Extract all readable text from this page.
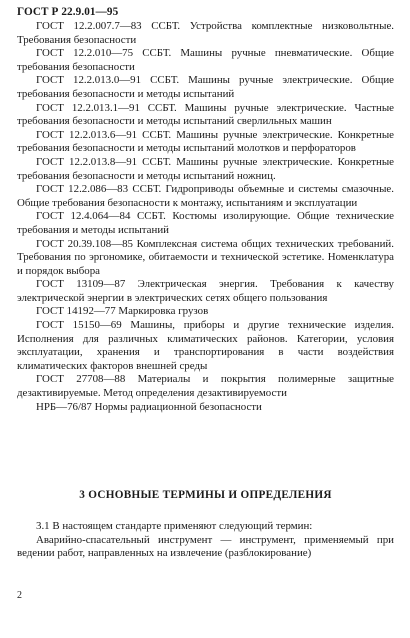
ГОСТ Р 22.9.01—95

ГОСТ 12.2.007.7—83 ССБТ. Устройства комплектные низковольтные. Требования безопасности

ГОСТ 12.2.010—75 ССБТ. Машины ручные пневматические. Общие требования безопасности

ГОСТ 12.2.013.0—91 ССБТ. Машины ручные электрические. Общие требования безопасности и методы испытаний

ГОСТ 12.2.013.1—91 ССБТ. Машины ручные электрические. Частные требования безопасности и методы испытаний сверлильных машин

ГОСТ 12.2.013.6—91 ССБТ. Машины ручные электрические. Конкретные требования безопасности и методы испытаний молотков и перфораторов

ГОСТ 12.2.013.8—91 ССБТ. Машины ручные электрические. Конкретные требования безопасности и методы испытаний ножниц.

ГОСТ 12.2.086—83 ССБТ. Гидроприводы объемные и системы смазочные. Общие требования безопасности к монтажу, испытаниям и эксплуатации

ГОСТ 12.4.064—84 ССБТ. Костюмы изолирующие. Общие технические требования и методы испытаний

ГОСТ 20.39.108—85 Комплексная система общих технических требований. Требования по эргономике, обитаемости и технической эстетике. Номенклатура и порядок выбора

ГОСТ 13109—87 Электрическая энергия. Требования к качеству электрической энергии в электрических сетях общего пользования

ГОСТ 14192—77 Маркировка грузов

ГОСТ 15150—69 Машины, приборы и другие технические изделия. Исполнения для различных климатических районов. Категории, условия эксплуатации, хранения и транспортирования в части воздействия климатических факторов внешней среды

ГОСТ 27708—88 Материалы и покрытия полимерные защитные дезактивируемые. Метод определения дезактивируемости

НРБ—76/87 Нормы радиационной безопасности

3 ОСНОВНЫЕ ТЕРМИНЫ И ОПРЕДЕЛЕНИЯ

3.1 В настоящем стандарте применяют следующий термин:

Аварийно-спасательный инструмент — инструмент, применяемый при ведении работ, направленных на извлечение (разблокирование)

2
